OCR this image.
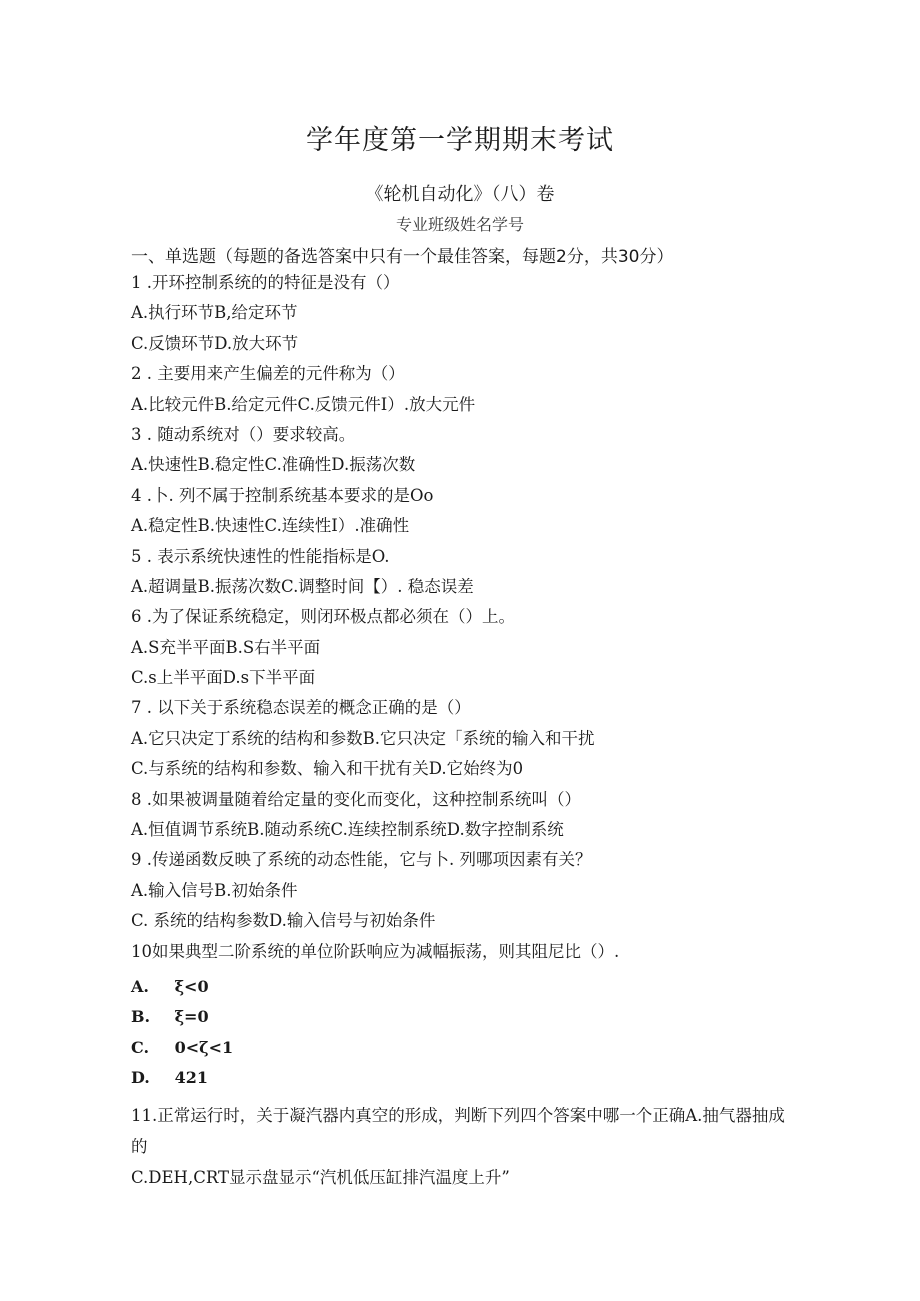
学年度第一学期期末考试
《轮机自动化》（八）卷
专业班级姓名学号
一、单选题（每题的备选答案中只有一个最佳答案，每题2分，共30分）
1 .开环控制系统的的特征是没有（）
A.执行环节B,给定环节
C.反馈环节D.放大环节
2 . 主要用来产生偏差的元件称为（）
A.比较元件B.给定元件C.反馈元件I）.放大元件
3 . 随动系统对（）要求较高。
A.快速性B.稳定性C.准确性D.振荡次数
4 .卜. 列不属于控制系统基本要求的是Oo
A.稳定性B.快速性C.连续性I）.准确性
5 . 表示系统快速性的性能指标是O.
A.超调量B.振荡次数C.调整时间【）. 稳态误差
6 .为了保证系统稳定，则闭环极点都必须在（）上。
A.S充半平面B.S右半平面
C.s上半平面D.s下半平面
7 . 以下关于系统稳态误差的概念正确的是（）
A.它只决定丁系统的结构和参数B.它只决定「系统的输入和干扰
C.与系统的结构和参数、输入和干扰有关D.它始终为0
8 .如果被调量随着给定量的变化而变化，这种控制系统叫（）
A.恒值调节系统B.随动系统C.连续控制系统D.数字控制系统
9 .传递函数反映了系统的动态性能，它与卜. 列哪项因素有关？
A.输入信号B.初始条件
C. 系统的结构参数D.输入信号与初始条件
10如果典型二阶系统的单位阶跃响应为减幅振荡，则其阻尼比（）.
A. ξ<0
B. ξ=0
C. 0<ζ<1
D. 421
11.正常运行时，关于凝汽器内真空的形成，判断下列四个答案中哪一个正确A.抽气器抽成的
C.DEH,CRT显示盘显示“汽机低压缸排汽温度上升”
